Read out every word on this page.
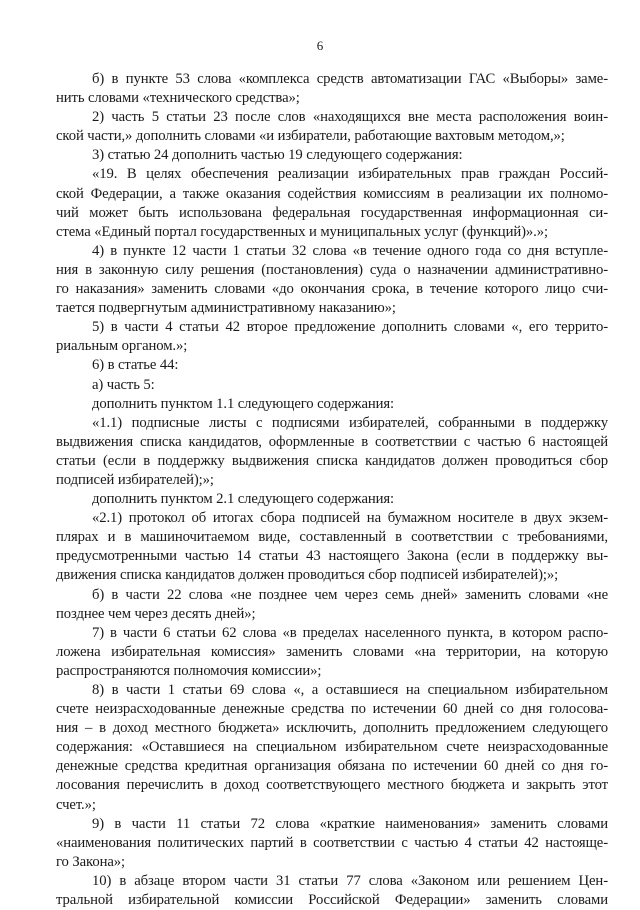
6
б) в пункте 53 слова «комплекса средств автоматизации ГАС «Выборы» заме-
нить словами «технического средства»;
2) часть 5 статьи 23 после слов «находящихся вне места расположения воин-
ской части,» дополнить словами «и избиратели, работающие вахтовым методом,»;
3) статью 24 дополнить частью 19 следующего содержания:
«19. В целях обеспечения реализации избирательных прав граждан Россий-
ской Федерации, а также оказания содействия комиссиям в реализации их полномо-
чий может быть использована федеральная государственная информационная си-
стема «Единый портал государственных и муниципальных услуг (функций)».»;
4) в пункте 12 части 1 статьи 32 слова «в течение одного года со дня вступле-
ния в законную силу решения (постановления) суда о назначении административно-
го наказания» заменить словами «до окончания срока, в течение которого лицо счи-
тается подвергнутым административному наказанию»;
5) в части 4 статьи 42 второе предложение дополнить словами «, его террито-
риальным органом.»;
6) в статье 44:
а) часть 5:
дополнить пунктом 1.1 следующего содержания:
«1.1) подписные листы с подписями избирателей, собранными в поддержку
выдвижения списка кандидатов, оформленные в соответствии с частью 6 настоящей
статьи (если в поддержку выдвижения списка кандидатов должен проводиться сбор
подписей избирателей);»;
дополнить пунктом 2.1 следующего содержания:
«2.1) протокол об итогах сбора подписей на бумажном носителе в двух экзем-
плярах и в машиночитаемом виде, составленный в соответствии с требованиями,
предусмотренными частью 14 статьи 43 настоящего Закона (если в поддержку вы-
движения списка кандидатов должен проводиться сбор подписей избирателей);»;
б) в части 22 слова «не позднее чем через семь дней» заменить словами «не
позднее чем через десять дней»;
7) в части 6 статьи 62 слова «в пределах населенного пункта, в котором распо-
ложена избирательная комиссия» заменить словами «на территории, на которую
распространяются полномочия комиссии»;
8) в части 1 статьи 69 слова «, а оставшиеся на специальном избирательном
счете неизрасходованные денежные средства по истечении 60 дней со дня голосова-
ния – в доход местного бюджета» исключить, дополнить предложением следующего
содержания: «Оставшиеся на специальном избирательном счете неизрасходованные
денежные средства кредитная организация обязана по истечении 60 дней со дня го-
лосования перечислить в доход соответствующего местного бюджета и закрыть этот
счет.»;
9) в части 11 статьи 72 слова «краткие наименования» заменить словами
«наименования политических партий в соответствии с частью 4 статьи 42 настояще-
го Закона»;
10) в абзаце втором части 31 статьи 77 слова «Законом или решением Цен-
тральной избирательной комиссии Российской Федерации» заменить словами
